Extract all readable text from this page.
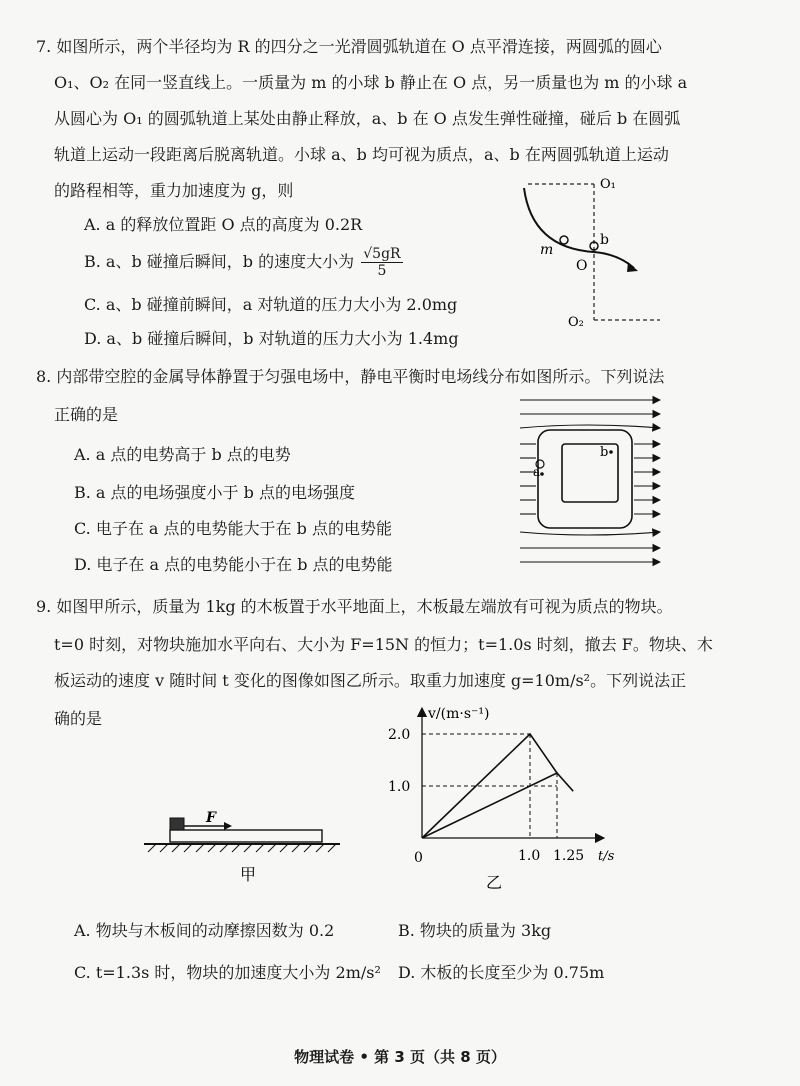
7. 如图所示，两个半径均为 R 的四分之一光滑圆弧轨道在 O 点平滑连接，两圆弧的圆心
O₁、O₂ 在同一竖直线上。一质量为 m 的小球 b 静止在 O 点，另一质量也为 m 的小球 a
从圆心为 O₁ 的圆弧轨道上某处由静止释放，a、b 在 O 点发生弹性碰撞，碰后 b 在圆弧
轨道上运动一段距离后脱离轨道。小球 a、b 均可视为质点，a、b 在两圆弧轨道上运动
的路程相等，重力加速度为 g，则
A. a 的释放位置距 O 点的高度为 0.2R
B. a、b 碰撞后瞬间，b 的速度大小为 $\frac{√5gR}{5}$
C. a、b 碰撞前瞬间，a 对轨道的压力大小为 2.0mg
D. a、b 碰撞后瞬间，b 对轨道的压力大小为 1.4mg
O₁
b
m
O
O₂
8. 内部带空腔的金属导体静置于匀强电场中，静电平衡时电场线分布如图所示。下列说法
正确的是
A. a 点的电势高于 b 点的电势
B. a 点的电场强度小于 b 点的电场强度
C. 电子在 a 点的电势能大于在 b 点的电势能
D. 电子在 a 点的电势能小于在 b 点的电势能
a
b
9. 如图甲所示，质量为 1kg 的木板置于水平地面上，木板最左端放有可视为质点的物块。
t=0 时刻，对物块施加水平向右、大小为 F=15N 的恒力；t=1.0s 时刻，撤去 F。物块、木
板运动的速度 v 随时间 t 变化的图像如图乙所示。取重力加速度 g=10m/s²。下列说法正
确的是
F
甲
2.0
1.0
1.0 1.25
v/(m·s⁻¹)
t/s
0
乙
A. 物块与木板间的动摩擦因数为 0.2	B. 物块的质量为 3kg
C. t=1.3s 时，物块的加速度大小为 2m/s² D. 木板的长度至少为 0.75m
物理试卷 • 第 3 页（共 8 页）
